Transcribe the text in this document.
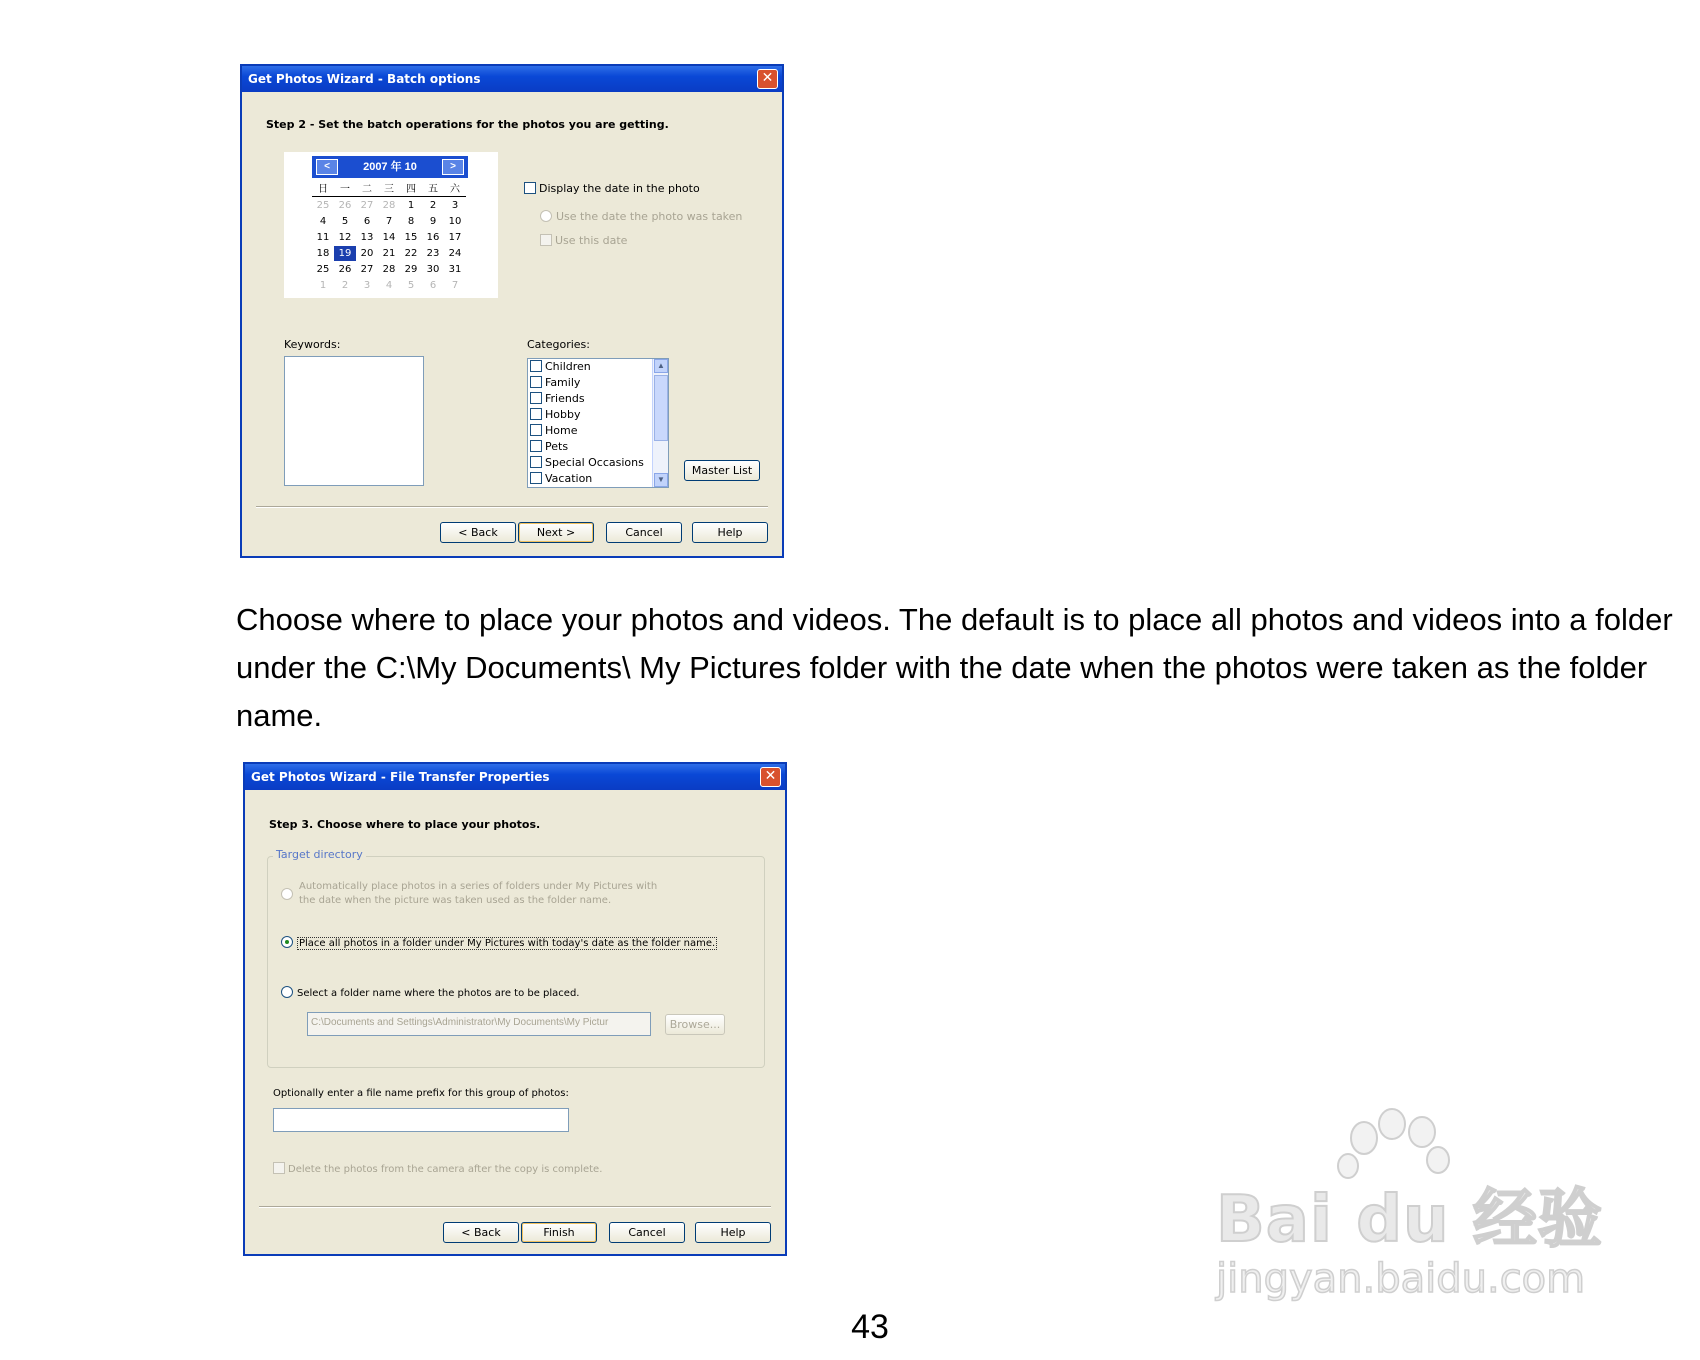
Get Photos Wizard - Batch options	✕
Step 2 - Set the batch operations for the photos you are getting.
<	2007 年 10	>
日	一	二	三	四	五	六
25 26 27 28	1	2	3
4	5	6	7	8	9	10
11 12 13 14 15 16 17
18 19 20 21 22 23 24
25 26 27 28 29 30 31
1	2	3	4	5	6	7
Display the date in the photo
Use the date the photo was taken
Use this date
Keywords:	Categories:
Children
Family
Friends
Hobby
Home
Pets
Special Occasions
Vacation
▲
▼
Master List
< Back	Next >	Cancel	Help
Choose where to place your photos and videos. The default is to place all photos and videos into a folder under the C:\My Documents\ My Pictures folder with the date when the photos were taken as the folder name.
Get Photos Wizard - File Transfer Properties	✕
Step 3. Choose where to place your photos.
Target directory
Automatically place photos in a series of folders under My Pictures with
the date when the picture was taken used as the folder name.
Place all photos in a folder under My Pictures with today's date as the folder name.
Select a folder name where the photos are to be placed.
C:\Documents and Settings\Administrator\My Documents\My Pictur	Browse...
Optionally enter a file name prefix for this group of photos:
Delete the photos from the camera after the copy is complete.
< Back	Finish	Cancel	Help
43
Bai du 经验
jingyan.baidu.com
